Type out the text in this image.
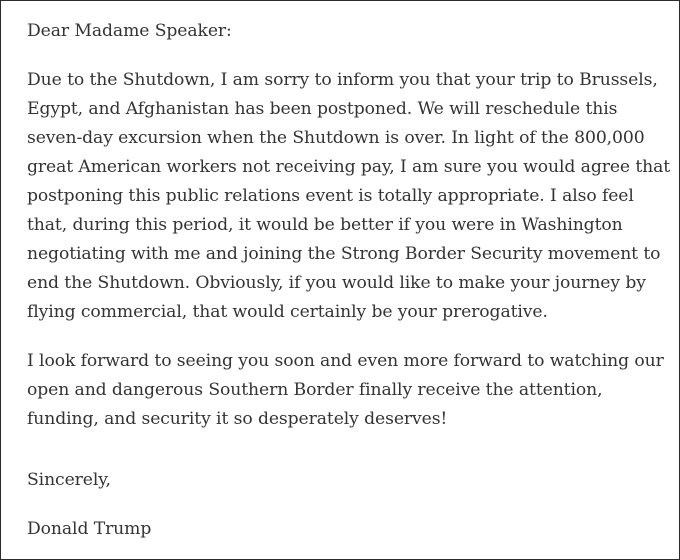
Dear Madame Speaker:
Due to the Shutdown, I am sorry to inform you that your trip to Brussels,
Egypt, and Afghanistan has been postponed. We will reschedule this
seven-day excursion when the Shutdown is over. In light of the 800,000
great American workers not receiving pay, I am sure you would agree that
postponing this public relations event is totally appropriate. I also feel
that, during this period, it would be better if you were in Washington
negotiating with me and joining the Strong Border Security movement to
end the Shutdown. Obviously, if you would like to make your journey by
flying commercial, that would certainly be your prerogative.
I look forward to seeing you soon and even more forward to watching our
open and dangerous Southern Border finally receive the attention,
funding, and security it so desperately deserves!
Sincerely,
Donald Trump
